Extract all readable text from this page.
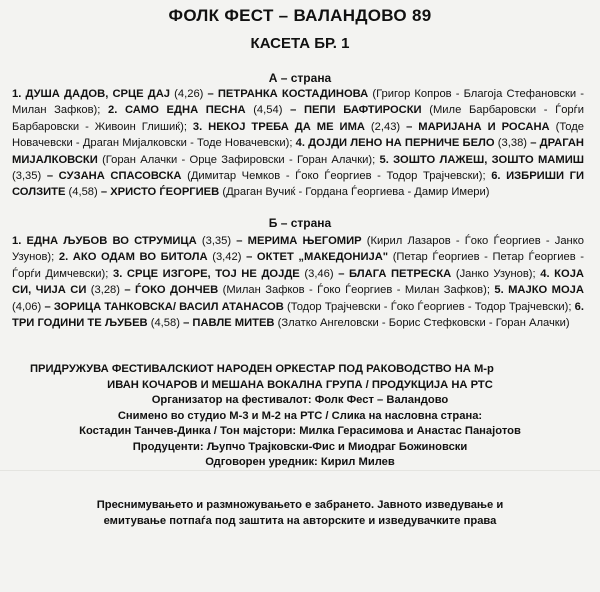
ФОЛК ФЕСТ – ВАЛАНДОВО 89
КАСЕТА БР. 1
А – страна
1. ДУША ДАДОВ, СРЦЕ ДАЈ (4,26) – ПЕТРАНКА КОСТАДИНОВА (Григор Копров - Благоја Стефановски - Милан Зафков); 2. САМО ЕДНА ПЕСНА (4,54) – ПЕПИ БАФТИРОСКИ (Миле Барбаровски - Ѓорѓи Барбаровски - Живоин Глишиќ); 3. НЕКОЈ ТРЕБА ДА МЕ ИМА (2,43) – МАРИЈАНА И РОСАНА (Тоде Новачевски - Драган Мијалковски - Тоде Новачевски); 4. ДОЈДИ ЛЕНО НА ПЕРНИЧЕ БЕЛО (3,38) – ДРАГАН МИЈАЛКОВСКИ (Горан Алачки - Орце Зафировски - Горан Алачки); 5. ЗОШТО ЛАЖЕШ, ЗОШТО МАМИШ (3,35) – СУЗАНА СПАСОВСКА (Димитар Чемков - Ѓоко Ѓеоргиев - Тодор Трајчевски); 6. ИЗБРИШИ ГИ СОЛЗИТЕ (4,58) – ХРИСТО ЃЕОРГИЕВ (Драган Вучиќ - Гордана Ѓеоргиева - Дамир Имери)
Б – страна
1. ЕДНА ЉУБОВ ВО СТРУМИЦА (3,35) – МЕРИМА ЊЕГОМИР (Кирил Лазаров - Ѓоко Ѓеоргиев - Јанко Узунов); 2. АКО ОДАМ ВО БИТОЛА (3,42) – ОКТЕТ „МАКЕДОНИЈА" (Петар Ѓеоргиев - Петар Ѓеоргиев - Ѓорѓи Димчевски); 3. СРЦЕ ИЗГОРЕ, ТОЈ НЕ ДОЈДЕ (3,46) – БЛАГА ПЕТРЕСКА (Јанко Узунов); 4. КОЈА СИ, ЧИЈА СИ (3,28) – ЃОКО ДОНЧЕВ (Милан Зафков - Ѓоко Ѓеоргиев - Милан Зафков); 5. МАЈКО МОЈА (4,06) – ЗОРИЦА ТАНКОВСКА/ ВАСИЛ АТАНАСОВ (Тодор Трајчевски - Ѓоко Ѓеоргиев - Тодор Трајчевски); 6. ТРИ ГОДИНИ ТЕ ЉУБЕВ (4,58) – ПАВЛЕ МИТЕВ (Златко Ангеловски - Борис Стефковски - Горан Алачки)
ПРИДРУЖУВА ФЕСТИВАЛСКИОТ НАРОДЕН ОРКЕСТАР ПОД РАКОВОДСТВО НА М-р
ИВАН КОЧАРОВ И МЕШАНА ВОКАЛНА ГРУПА / ПРОДУКЦИЈА НА РТС
Организатор на фестивалот: Фолк Фест – Валандово
Снимено во студио М-3 и М-2 на РТС / Слика на насловна страна:
Костадин Танчев-Динка / Тон мајстори: Милка Герасимова и Анастас Панајотов
Продуценти: Љупчо Трајковски-Фис и Миодраг Божиновски
Одговорен уредник: Кирил Милев
Преснимувањето и размножувањето е забрането. Јавното изведување и
емитување потпаѓа под заштита на авторските и изведувачките права
